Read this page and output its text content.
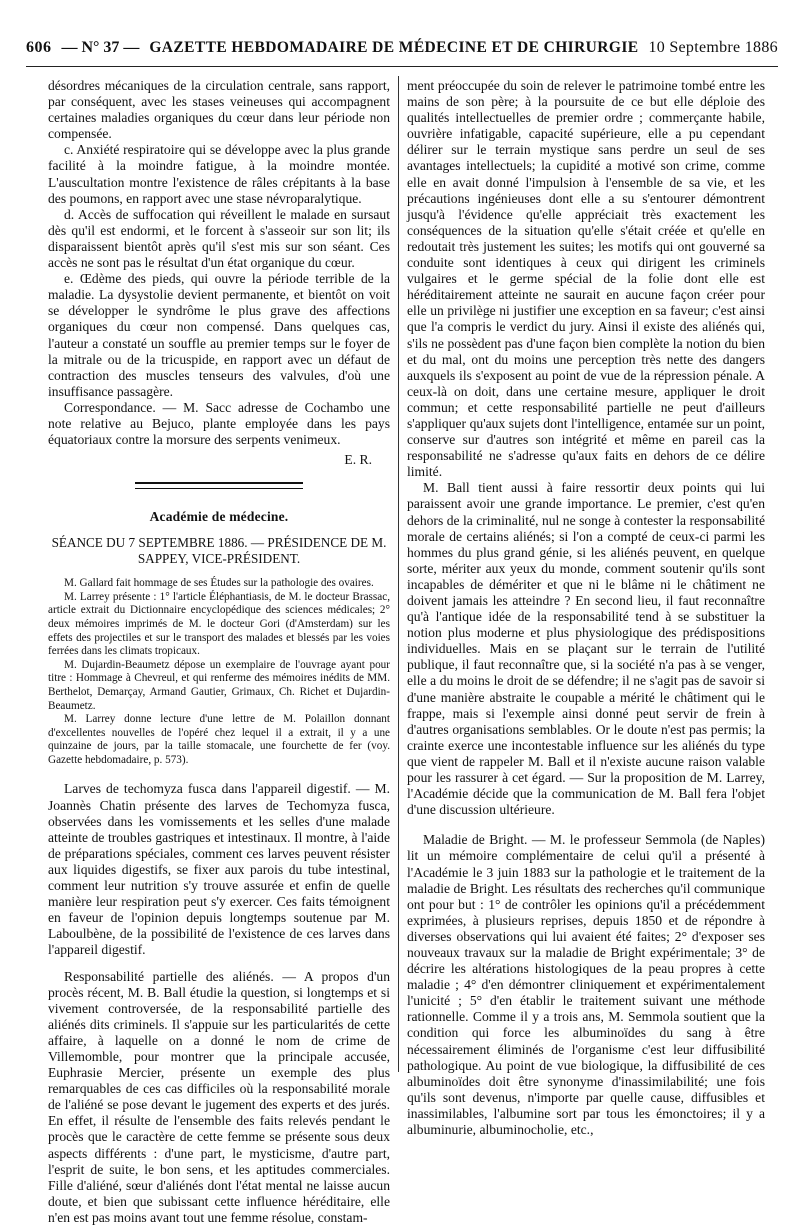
606 — N° 37 — GAZETTE HEBDOMADAIRE DE MÉDECINE ET DE CHIRURGIE 10 Septembre 1886

désordres mécaniques de la circulation centrale, sans rapport, par conséquent, avec les stases veineuses qui accompagnent certaines maladies organiques du cœur dans leur période non compensée.

c. Anxiété respiratoire qui se développe avec la plus grande facilité à la moindre fatigue, à la moindre montée. L'auscultation montre l'existence de râles crépitants à la base des poumons, en rapport avec une stase névroparalytique.

d. Accès de suffocation qui réveillent le malade en sursaut dès qu'il est endormi, et le forcent à s'asseoir sur son lit; ils disparaissent bientôt après qu'il s'est mis sur son séant. Ces accès ne sont pas le résultat d'un état organique du cœur.

e. Œdème des pieds, qui ouvre la période terrible de la maladie. La dysystolie devient permanente, et bientôt on voit se développer le syndrôme le plus grave des affections organiques du cœur non compensé. Dans quelques cas, l'auteur a constaté un souffle au premier temps sur le foyer de la mitrale ou de la tricuspide, en rapport avec un défaut de contraction des muscles tenseurs des valvules, d'où une insuffisance passagère.

Correspondance. — M. Sacc adresse de Cochambo une note relative au Bejuco, plante employée dans les pays équatoriaux contre la morsure des serpents venimeux.

E. R.
Académie de médecine.
SÉANCE DU 7 SEPTEMBRE 1886. — PRÉSIDENCE DE M. SAPPEY, VICE-PRÉSIDENT.

M. Gallard fait hommage de ses Études sur la pathologie des ovaires.

M. Larrey présente : 1° l'article Éléphantiasis, de M. le docteur Brassac, article extrait du Dictionnaire encyclopédique des sciences médicales; 2° deux mémoires imprimés de M. le docteur Gori (d'Amsterdam) sur les effets des projectiles et sur le transport des malades et blessés par les voies ferrées dans les climats tropicaux.

M. Dujardin-Beaumetz dépose un exemplaire de l'ouvrage ayant pour titre : Hommage à Chevreul, et qui renferme des mémoires inédits de MM. Berthelot, Demarçay, Armand Gautier, Grimaux, Ch. Richet et Dujardin-Beaumetz.

M. Larrey donne lecture d'une lettre de M. Polaillon donnant d'excellentes nouvelles de l'opéré chez lequel il a extrait, il y a une quinzaine de jours, par la taille stomacale, une fourchette de fer (voy. Gazette hebdomadaire, p. 573).

Larves de techomyza fusca dans l'appareil digestif. — M. Joannès Chatin présente des larves de Techomyza fusca, observées dans les vomissements et les selles d'une malade atteinte de troubles gastriques et intestinaux. Il montre, à l'aide de préparations spéciales, comment ces larves peuvent résister aux liquides digestifs, se fixer aux parois du tube intestinal, comment leur nutrition s'y trouve assurée et enfin de quelle manière leur respiration peut s'y exercer. Ces faits témoignent en faveur de l'opinion depuis longtemps soutenue par M. Laboulbène, de la possibilité de l'existence de ces larves dans l'appareil digestif.

Responsabilité partielle des aliénés. — A propos d'un procès récent, M. B. Ball étudie la question, si longtemps et si vivement controversée, de la responsabilité partielle des aliénés dits criminels. Il s'appuie sur les particularités de cette affaire, à laquelle on a donné le nom de crime de Villemomble, pour montrer que la principale accusée, Euphrasie Mercier, présente un exemple des plus remarquables de ces cas difficiles où la responsabilité morale de l'aliéné se pose devant le jugement des experts et des jurés. En effet, il résulte de l'ensemble des faits relevés pendant le procès que le caractère de cette femme se présente sous deux aspects différents : d'une part, le mysticisme, d'autre part, l'esprit de suite, le bon sens, et les aptitudes commerciales. Fille d'aliéné, sœur d'aliénés dont l'état mental ne laisse aucun doute, et bien que subissant cette influence héréditaire, elle n'en est pas moins avant tout une femme résolue, constam-

ment préoccupée du soin de relever le patrimoine tombé entre les mains de son père; à la poursuite de ce but elle déploie des qualités intellectuelles de premier ordre ; commerçante habile, ouvrière infatigable, capacité supérieure, elle a pu cependant délirer sur le terrain mystique sans perdre un seul de ses avantages intellectuels; la cupidité a motivé son crime, comme elle en avait donné l'impulsion à l'ensemble de sa vie, et les précautions ingénieuses dont elle a su s'entourer démontrent jusqu'à l'évidence qu'elle appréciait très exactement les conséquences de la situation qu'elle s'était créée et qu'elle en redoutait très justement les suites; les motifs qui ont gouverné sa conduite sont identiques à ceux qui dirigent les criminels vulgaires et le germe spécial de la folie dont elle est héréditairement atteinte ne saurait en aucune façon créer pour elle un privilège ni justifier une exception en sa faveur; c'est ainsi que l'a compris le verdict du jury. Ainsi il existe des aliénés qui, s'ils ne possèdent pas d'une façon bien complète la notion du bien et du mal, ont du moins une perception très nette des dangers auxquels ils s'exposent au point de vue de la répression pénale. A ceux-là on doit, dans une certaine mesure, appliquer le droit commun; et cette responsabilité partielle ne peut d'ailleurs s'appliquer qu'aux sujets dont l'intelligence, entamée sur un point, conserve sur d'autres son intégrité et même en pareil cas la responsabilité ne s'adresse qu'aux faits en dehors de ce délire limité.

M. Ball tient aussi à faire ressortir deux points qui lui paraissent avoir une grande importance. Le premier, c'est qu'en dehors de la criminalité, nul ne songe à contester la responsabilité morale de certains aliénés; si l'on a compté de ceux-ci parmi les hommes du plus grand génie, si les aliénés peuvent, en quelque sorte, mériter aux yeux du monde, comment soutenir qu'ils sont incapables de démériter et que ni le blâme ni le châtiment ne doivent jamais les atteindre ? En second lieu, il faut reconnaître qu'à l'antique idée de la responsabilité tend à se substituer la notion plus moderne et plus physiologique des prédispositions individuelles. Mais en se plaçant sur le terrain de l'utilité publique, il faut reconnaître que, si la société n'a pas à se venger, elle a du moins le droit de se défendre; il ne s'agit pas de savoir si d'une manière abstraite le coupable a mérité le châtiment qui le frappe, mais si l'exemple ainsi donné peut servir de frein à d'autres organisations semblables. Or le doute n'est pas permis; la crainte exerce une incontestable influence sur les aliénés du type que vient de rappeler M. Ball et il n'existe aucune raison valable pour les rassurer à cet égard. — Sur la proposition de M. Larrey, l'Académie décide que la communication de M. Ball fera l'objet d'une discussion ultérieure.

Maladie de Bright. — M. le professeur Semmola (de Naples) lit un mémoire complémentaire de celui qu'il a présenté à l'Académie le 3 juin 1883 sur la pathologie et le traitement de la maladie de Bright. Les résultats des recherches qu'il communique ont pour but : 1° de contrôler les opinions qu'il a précédemment exprimées, à plusieurs reprises, depuis 1850 et de répondre à diverses observations qui lui avaient été faites; 2° d'exposer ses nouveaux travaux sur la maladie de Bright expérimentale; 3° de décrire les altérations histologiques de la peau propres à cette maladie ; 4° d'en démontrer cliniquement et expérimentalement l'unicité ; 5° d'en établir le traitement suivant une méthode rationnelle. Comme il y a trois ans, M. Semmola soutient que la condition qui force les albuminoïdes du sang à être nécessairement éliminés de l'organisme c'est leur diffusibilité pathologique. Au point de vue biologique, la diffusibilité de ces albuminoïdes doit être synonyme d'inassimilabilité; une fois qu'ils sont devenus, n'importe par quelle cause, diffusibles et inassimilables, l'albumine sort par tous les émonctoires; il y a albuminurie, albuminocholie, etc.,
